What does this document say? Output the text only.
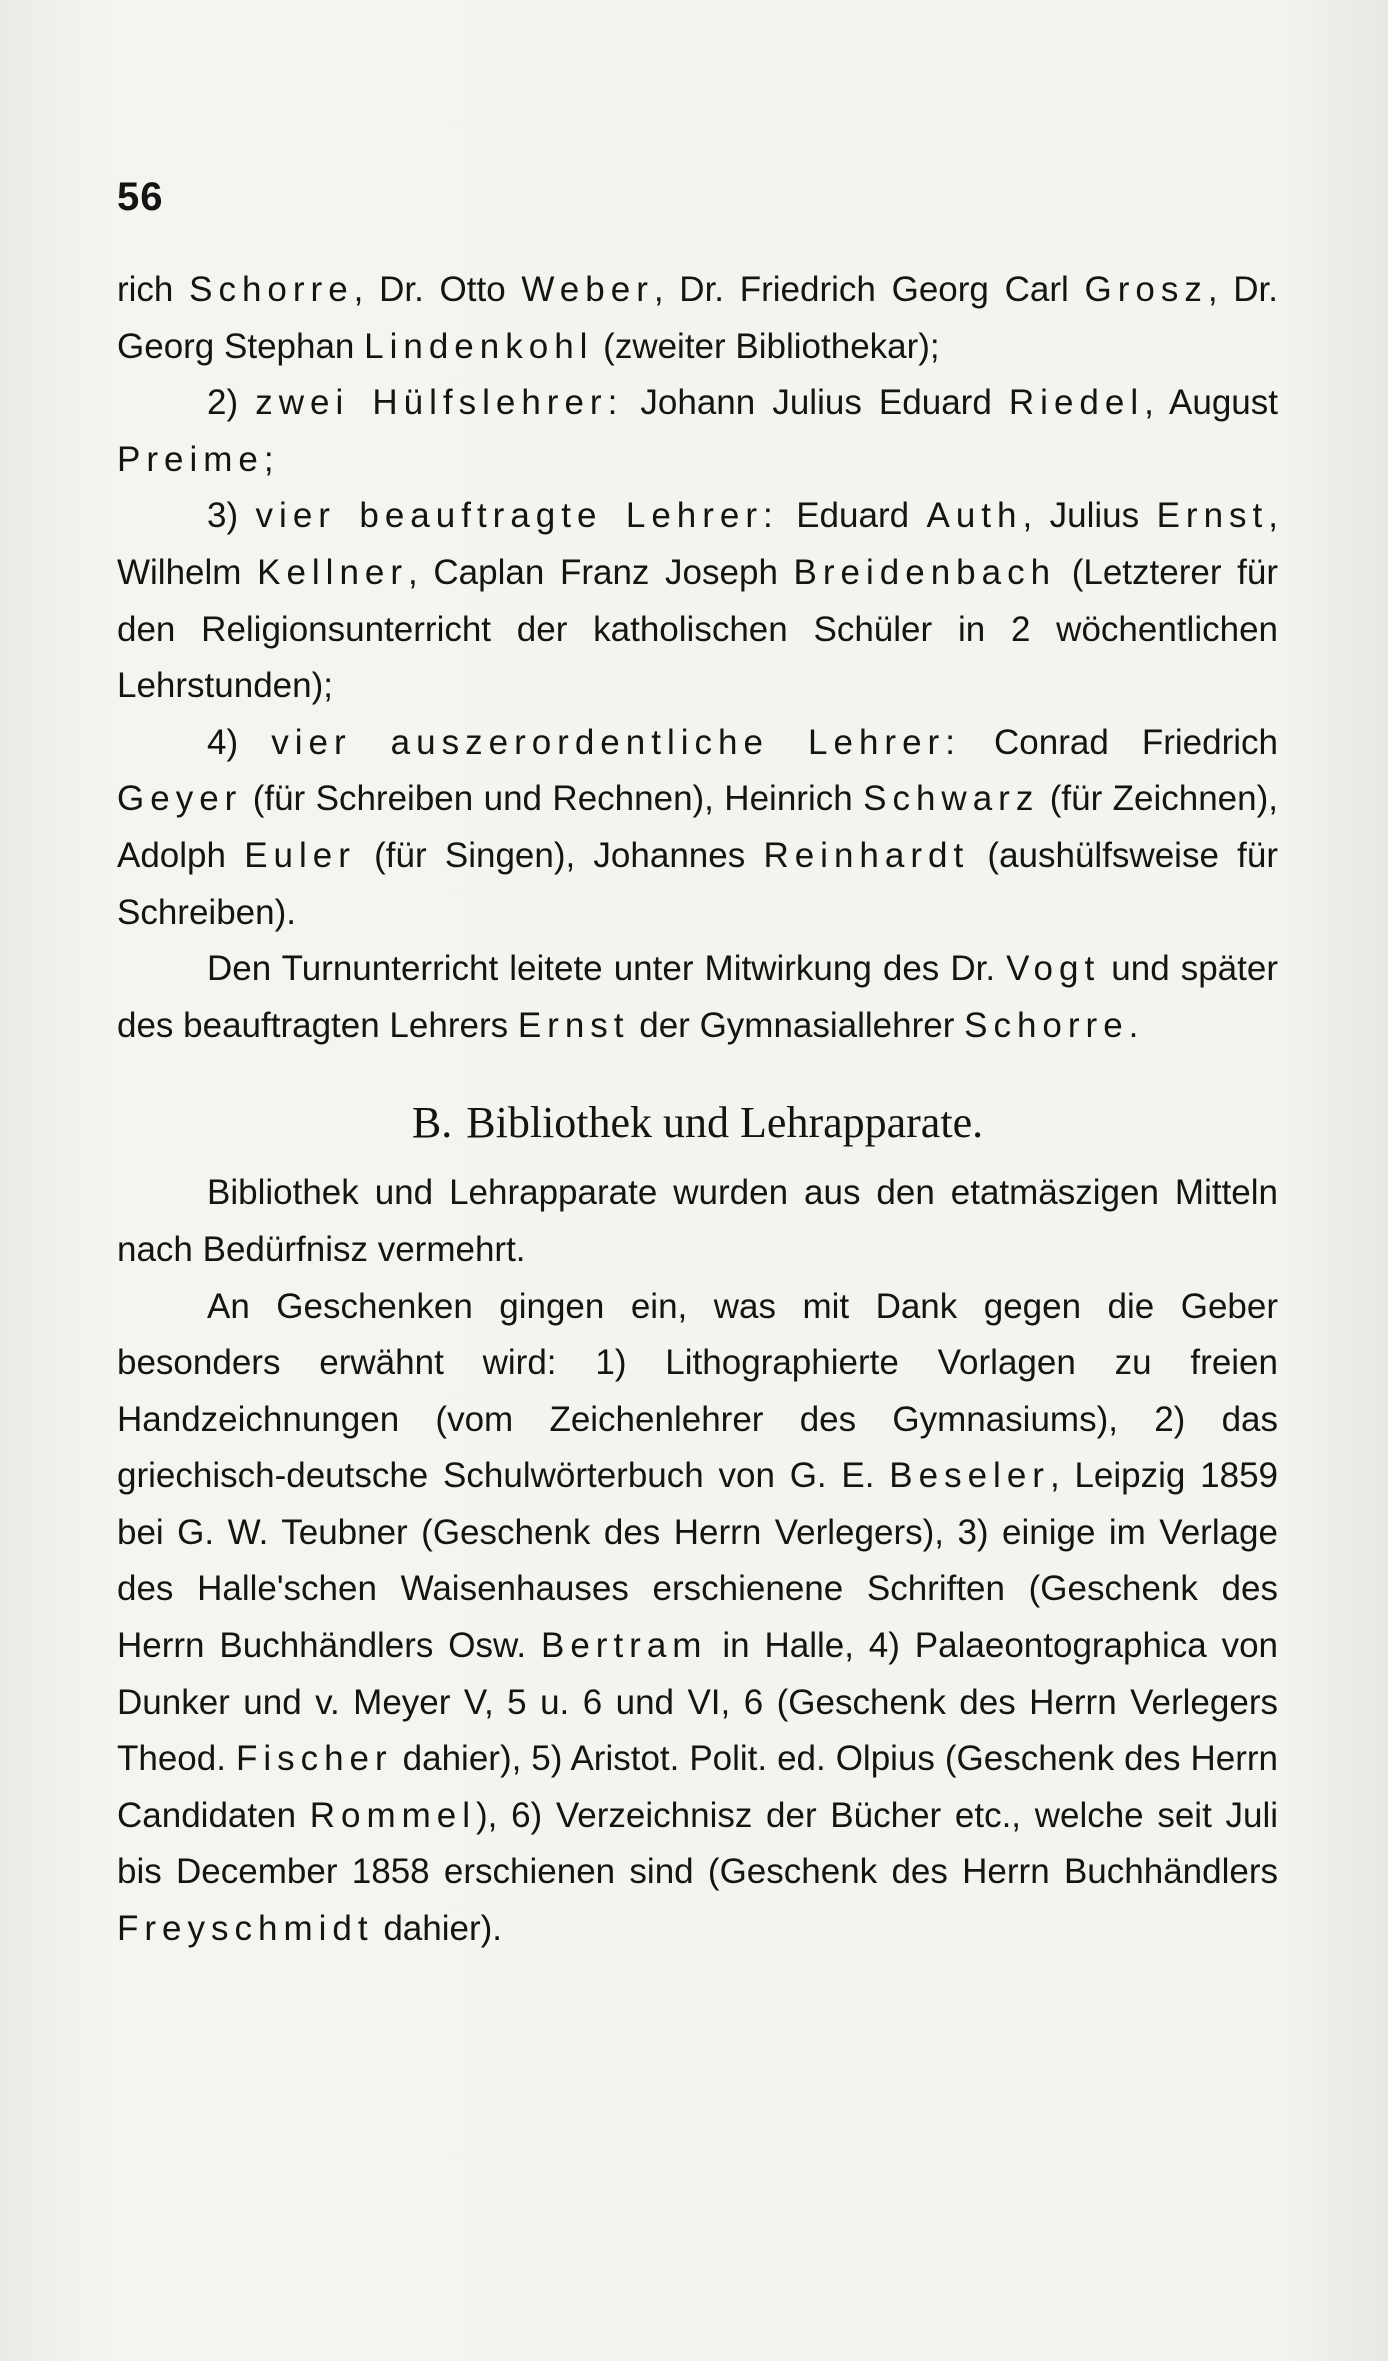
56

rich Schorre, Dr. Otto Weber, Dr. Friedrich Georg Carl Grosz, Dr. Georg Stephan Lindenkohl (zweiter Bibliothekar);

2) zwei Hülfslehrer: Johann Julius Eduard Riedel, August Preime;

3) vier beauftragte Lehrer: Eduard Auth, Julius Ernst, Wilhelm Kellner, Caplan Franz Joseph Breidenbach (Letzterer für den Religionsunterricht der katholischen Schüler in 2 wöchentlichen Lehrstunden);

4) vier auszerordentliche Lehrer: Conrad Friedrich Geyer (für Schreiben und Rechnen), Heinrich Schwarz (für Zeichnen), Adolph Euler (für Singen), Johannes Reinhardt (aushülfsweise für Schreiben).

Den Turnunterricht leitete unter Mitwirkung des Dr. Vogt und später des beauftragten Lehrers Ernst der Gymnasiallehrer Schorre.

B. Bibliothek und Lehrapparate.

Bibliothek und Lehrapparate wurden aus den etatmäszigen Mitteln nach Bedürfnisz vermehrt.

An Geschenken gingen ein, was mit Dank gegen die Geber besonders erwähnt wird: 1) Lithographierte Vorlagen zu freien Handzeichnungen (vom Zeichenlehrer des Gymnasiums), 2) das griechisch-deutsche Schulwörterbuch von G. E. Beseler, Leipzig 1859 bei G. W. Teubner (Geschenk des Herrn Verlegers), 3) einige im Verlage des Halle'schen Waisenhauses erschienene Schriften (Geschenk des Herrn Buchhändlers Osw. Bertram in Halle, 4) Palaeontographica von Dunker und v. Meyer V, 5 u. 6 und VI, 6 (Geschenk des Herrn Verlegers Theod. Fischer dahier), 5) Aristot. Polit. ed. Olpius (Geschenk des Herrn Candidaten Rommel), 6) Verzeichnisz der Bücher etc., welche seit Juli bis December 1858 erschienen sind (Geschenk des Herrn Buchhändlers Freyschmidt dahier).
